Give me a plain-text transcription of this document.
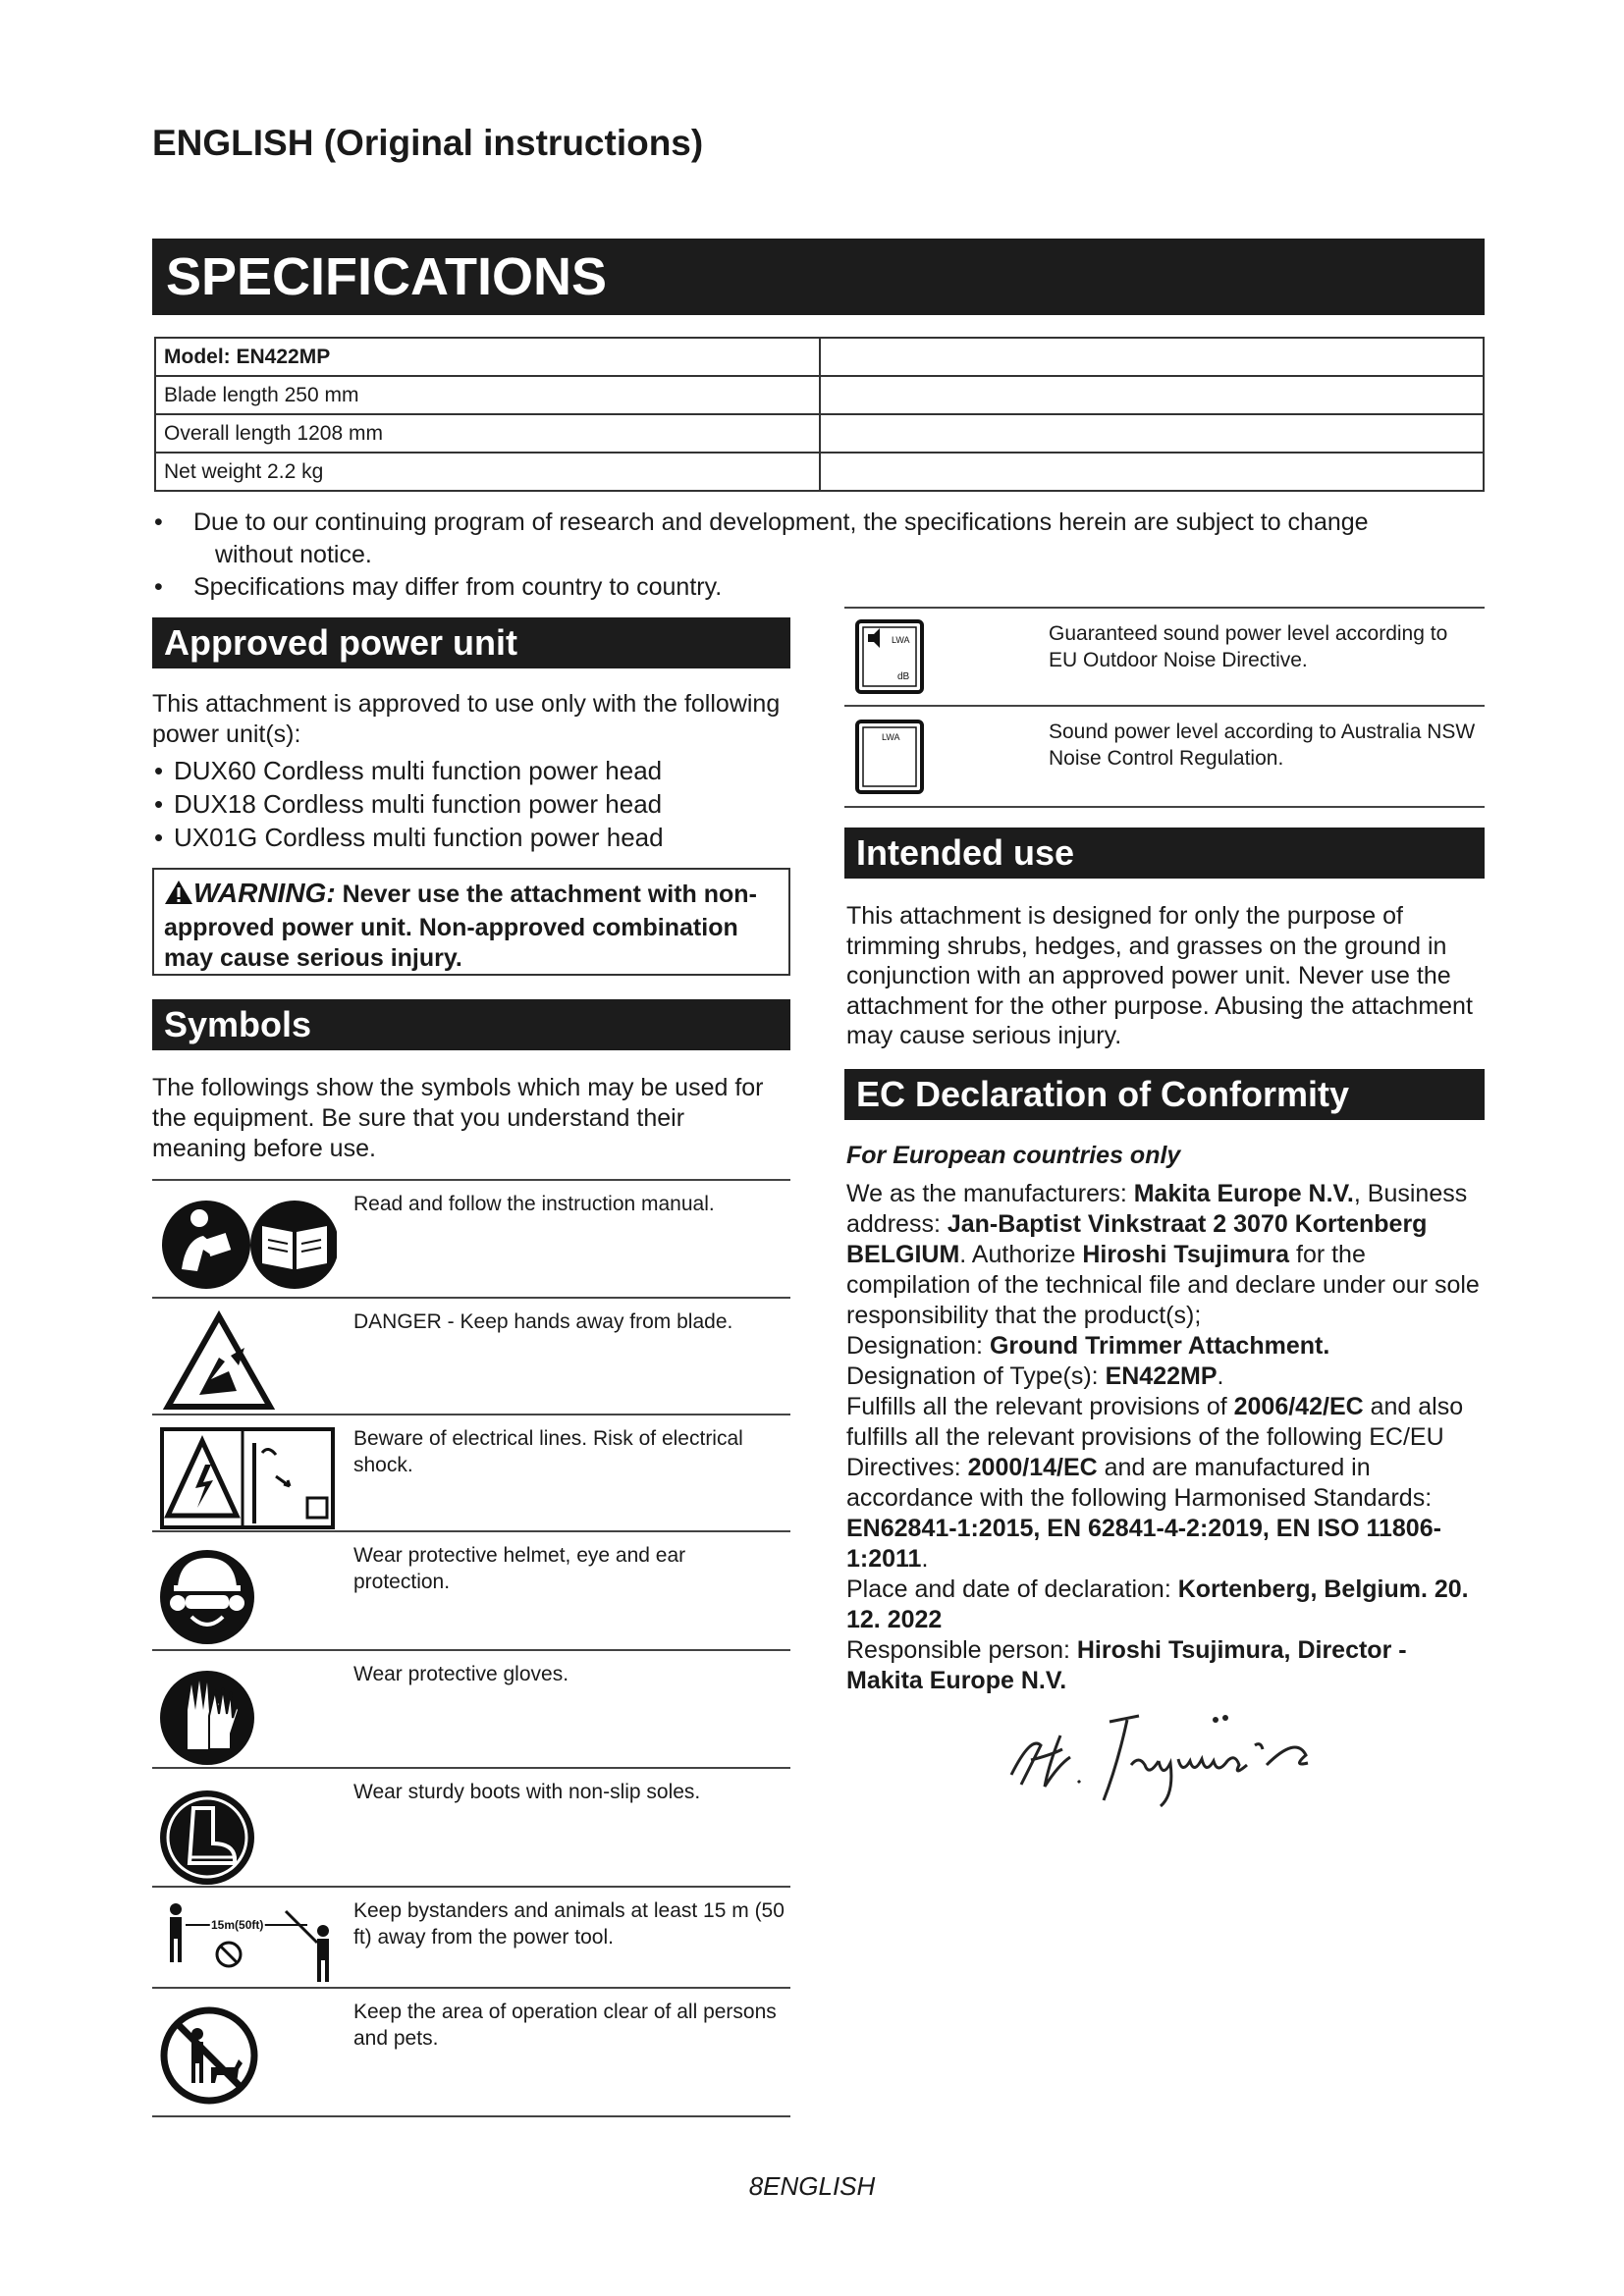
ENGLISH (Original instructions)
SPECIFICATIONS
Model: EN422MP	
Blade length 250 mm	
Overall length 1208 mm	
Net weight 2.2 kg	
• Due to our continuing program of research and development, the specifications herein are subject to change
without notice.
• Specifications may differ from country to country.
Approved power unit
This attachment is approved to use only with the following power unit(s):
• DUX60 Cordless multi function power head
• DUX18 Cordless multi function power head
• UX01G Cordless multi function power head
WARNING: Never use the attachment with non-approved power unit. Non-approved combination may cause serious injury.
Symbols
The followings show the symbols which may be used for the equipment. Be sure that you understand their meaning before use.
Read and follow the instruction manual.
DANGER - Keep hands away from blade.
Beware of electrical lines. Risk of electrical shock.
Wear protective helmet, eye and ear protection.
Wear protective gloves.
Wear sturdy boots with non-slip soles.
15m(50ft)
Keep bystanders and animals at least 15 m (50 ft) away from the power tool.
Keep the area of operation clear of all persons and pets.
LWA
dB
Guaranteed sound power level according to EU Outdoor Noise Directive.
LWA	Sound power level according to Australia NSW Noise Control Regulation.
Intended use
This attachment is designed for only the purpose of trimming shrubs, hedges, and grasses on the ground in conjunction with an approved power unit. Never use the attachment for the other purpose. Abusing the attachment may cause serious injury.
EC Declaration of Conformity
For European countries only
We as the manufacturers: Makita Europe N.V., Business address: Jan-Baptist Vinkstraat 2 3070 Kortenberg BELGIUM. Authorize Hiroshi Tsujimura for the compilation of the technical file and declare under our sole responsibility that the product(s);
Designation: Ground Trimmer Attachment.
Designation of Type(s): EN422MP.
Fulfills all the relevant provisions of 2006/42/EC and also fulfills all the relevant provisions of the following EC/EU Directives: 2000/14/EC and are manufactured in accordance with the following Harmonised Standards: EN62841-1:2015, EN 62841-4-2:2019, EN ISO 11806-1:2011.
Place and date of declaration: Kortenberg, Belgium. 20. 12. 2022
Responsible person: Hiroshi Tsujimura, Director - Makita Europe N.V.
8ENGLISH
